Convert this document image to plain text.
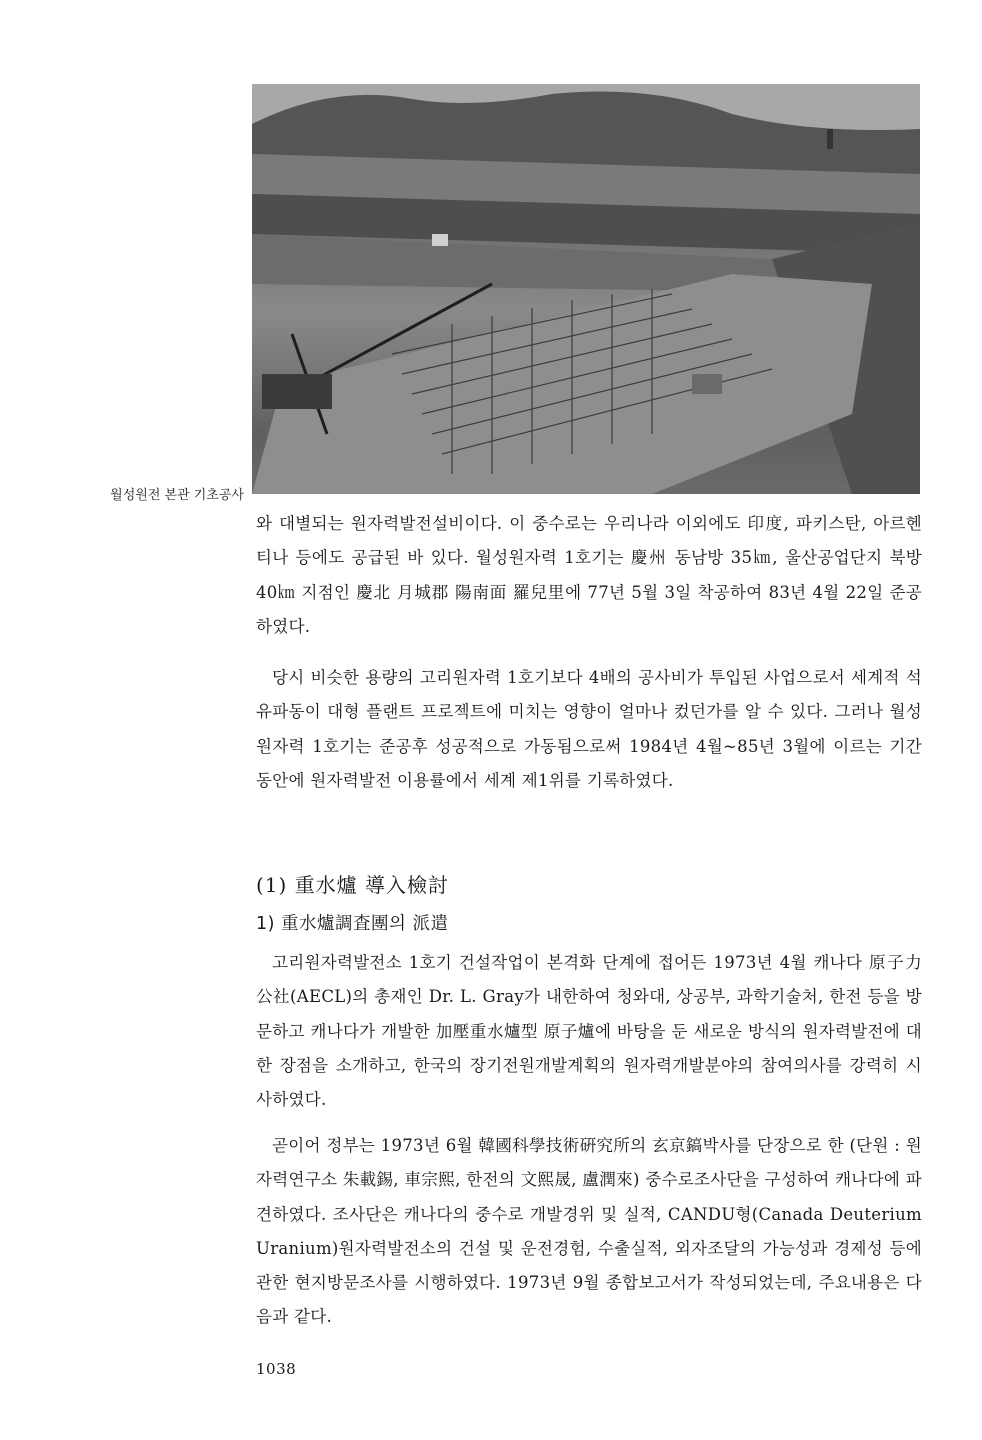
월성원전 본관 기초공사

와 대별되는 원자력발전설비이다. 이 중수로는 우리나라 이외에도 印度, 파키스탄, 아르헨티나 등에도 공급된 바 있다. 월성원자력 1호기는 慶州 동남방 35㎞, 울산공업단지 북방 40㎞ 지점인 慶北 月城郡 陽南面 羅兒里에 77년 5월 3일 착공하여 83년 4월 22일 준공하였다.

당시 비슷한 용량의 고리원자력 1호기보다 4배의 공사비가 투입된 사업으로서 세계적 석유파동이 대형 플랜트 프로젝트에 미치는 영향이 얼마나 컸던가를 알 수 있다. 그러나 월성원자력 1호기는 준공후 성공적으로 가동됨으로써 1984년 4월~85년 3월에 이르는 기간 동안에 원자력발전 이용률에서 세계 제1위를 기록하였다.

(1) 重水爐 導入檢討
1) 重水爐調査團의 派遣

고리원자력발전소 1호기 건설작업이 본격화 단계에 접어든 1973년 4월 캐나다 原子力公社(AECL)의 총재인 Dr. L. Gray가 내한하여 청와대, 상공부, 과학기술처, 한전 등을 방문하고 캐나다가 개발한 加壓重水爐型 原子爐에 바탕을 둔 새로운 방식의 원자력발전에 대한 장점을 소개하고, 한국의 장기전원개발계획의 원자력개발분야의 참여의사를 강력히 시사하였다.

곧이어 정부는 1973년 6월 韓國科學技術硏究所의 玄京鎬박사를 단장으로 한 (단원 : 원자력연구소 朱載錫, 車宗熙, 한전의 文熙晟, 盧潤來) 중수로조사단을 구성하여 캐나다에 파견하였다. 조사단은 캐나다의 중수로 개발경위 및 실적, CANDU형(Canada Deuterium Uranium)원자력발전소의 건설 및 운전경험, 수출실적, 외자조달의 가능성과 경제성 등에 관한 현지방문조사를 시행하였다. 1973년 9월 종합보고서가 작성되었는데, 주요내용은 다음과 같다.

1038
